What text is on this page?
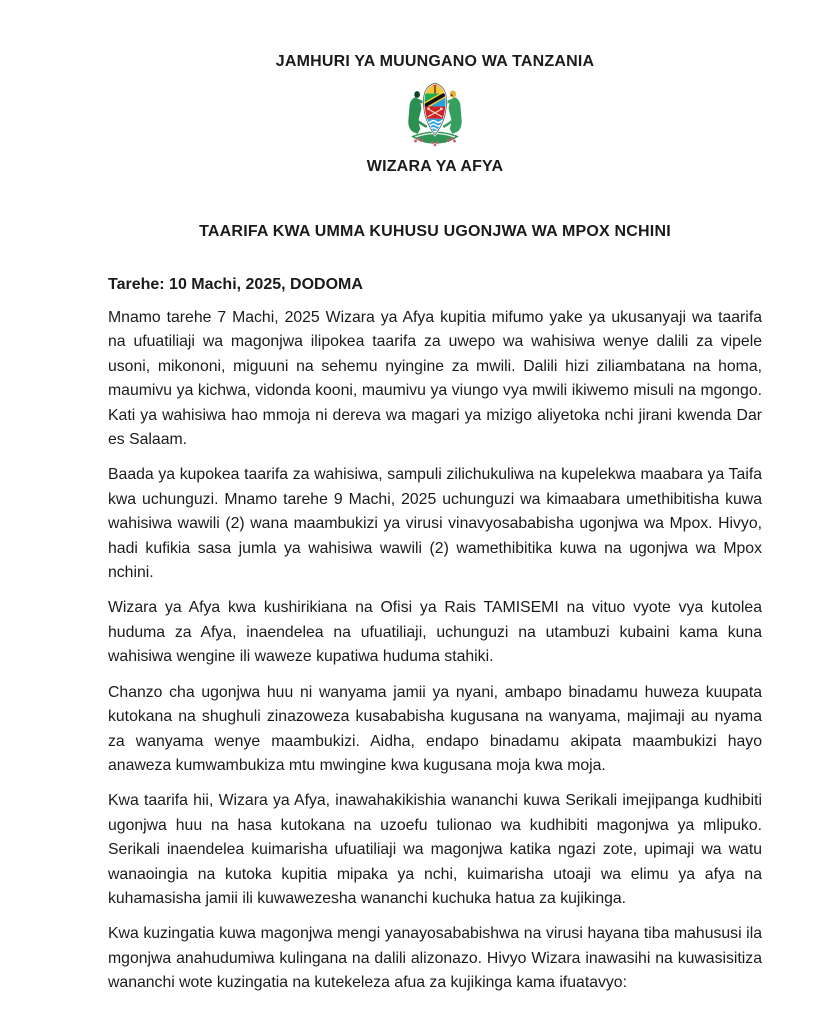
JAMHURI YA MUUNGANO WA TANZANIA
WIZARA YA AFYA
TAARIFA KWA UMMA KUHUSU UGONJWA WA MPOX NCHINI
Tarehe: 10 Machi, 2025, DODOMA

Mnamo tarehe 7 Machi, 2025 Wizara ya Afya kupitia mifumo yake ya ukusanyaji wa taarifa na ufuatiliaji wa magonjwa ilipokea taarifa za uwepo wa wahisiwa wenye dalili za vipele usoni, mikononi, miguuni na sehemu nyingine za mwili. Dalili hizi ziliambatana na homa, maumivu ya kichwa, vidonda kooni, maumivu ya viungo vya mwili ikiwemo misuli na mgongo. Kati ya wahisiwa hao mmoja ni dereva wa magari ya mizigo aliyetoka nchi jirani kwenda Dar es Salaam.

Baada ya kupokea taarifa za wahisiwa, sampuli zilichukuliwa na kupelekwa maabara ya Taifa kwa uchunguzi. Mnamo tarehe 9 Machi, 2025 uchunguzi wa kimaabara umethibitisha kuwa wahisiwa wawili (2) wana maambukizi ya virusi vinavyosababisha ugonjwa wa Mpox. Hivyo, hadi kufikia sasa jumla ya wahisiwa wawili (2) wamethibitika kuwa na ugonjwa wa Mpox nchini.

Wizara ya Afya kwa kushirikiana na Ofisi ya Rais TAMISEMI na vituo vyote vya kutolea huduma za Afya, inaendelea na ufuatiliaji, uchunguzi na utambuzi kubaini kama kuna wahisiwa wengine ili waweze kupatiwa huduma stahiki.

Chanzo cha ugonjwa huu ni wanyama jamii ya nyani, ambapo binadamu huweza kuupata kutokana na shughuli zinazoweza kusababisha kugusana na wanyama, majimaji au nyama za wanyama wenye maambukizi. Aidha, endapo binadamu akipata maambukizi hayo anaweza kumwambukiza mtu mwingine kwa kugusana moja kwa moja.

Kwa taarifa hii, Wizara ya Afya, inawahakikishia wananchi kuwa Serikali imejipanga kudhibiti ugonjwa huu na hasa kutokana na uzoefu tulionao wa kudhibiti magonjwa ya mlipuko. Serikali inaendelea kuimarisha ufuatiliaji wa magonjwa katika ngazi zote, upimaji wa watu wanaoingia na kutoka kupitia mipaka ya nchi, kuimarisha utoaji wa elimu ya afya na kuhamasisha jamii ili kuwawezesha wananchi kuchuka hatua za kujikinga.

Kwa kuzingatia kuwa magonjwa mengi yanayosababishwa na virusi hayana tiba mahususi ila mgonjwa anahudumiwa kulingana na dalili alizonazo. Hivyo Wizara inawasihi na kuwasisitiza wananchi wote kuzingatia na kutekeleza afua za kujikinga kama ifuatavyo:
